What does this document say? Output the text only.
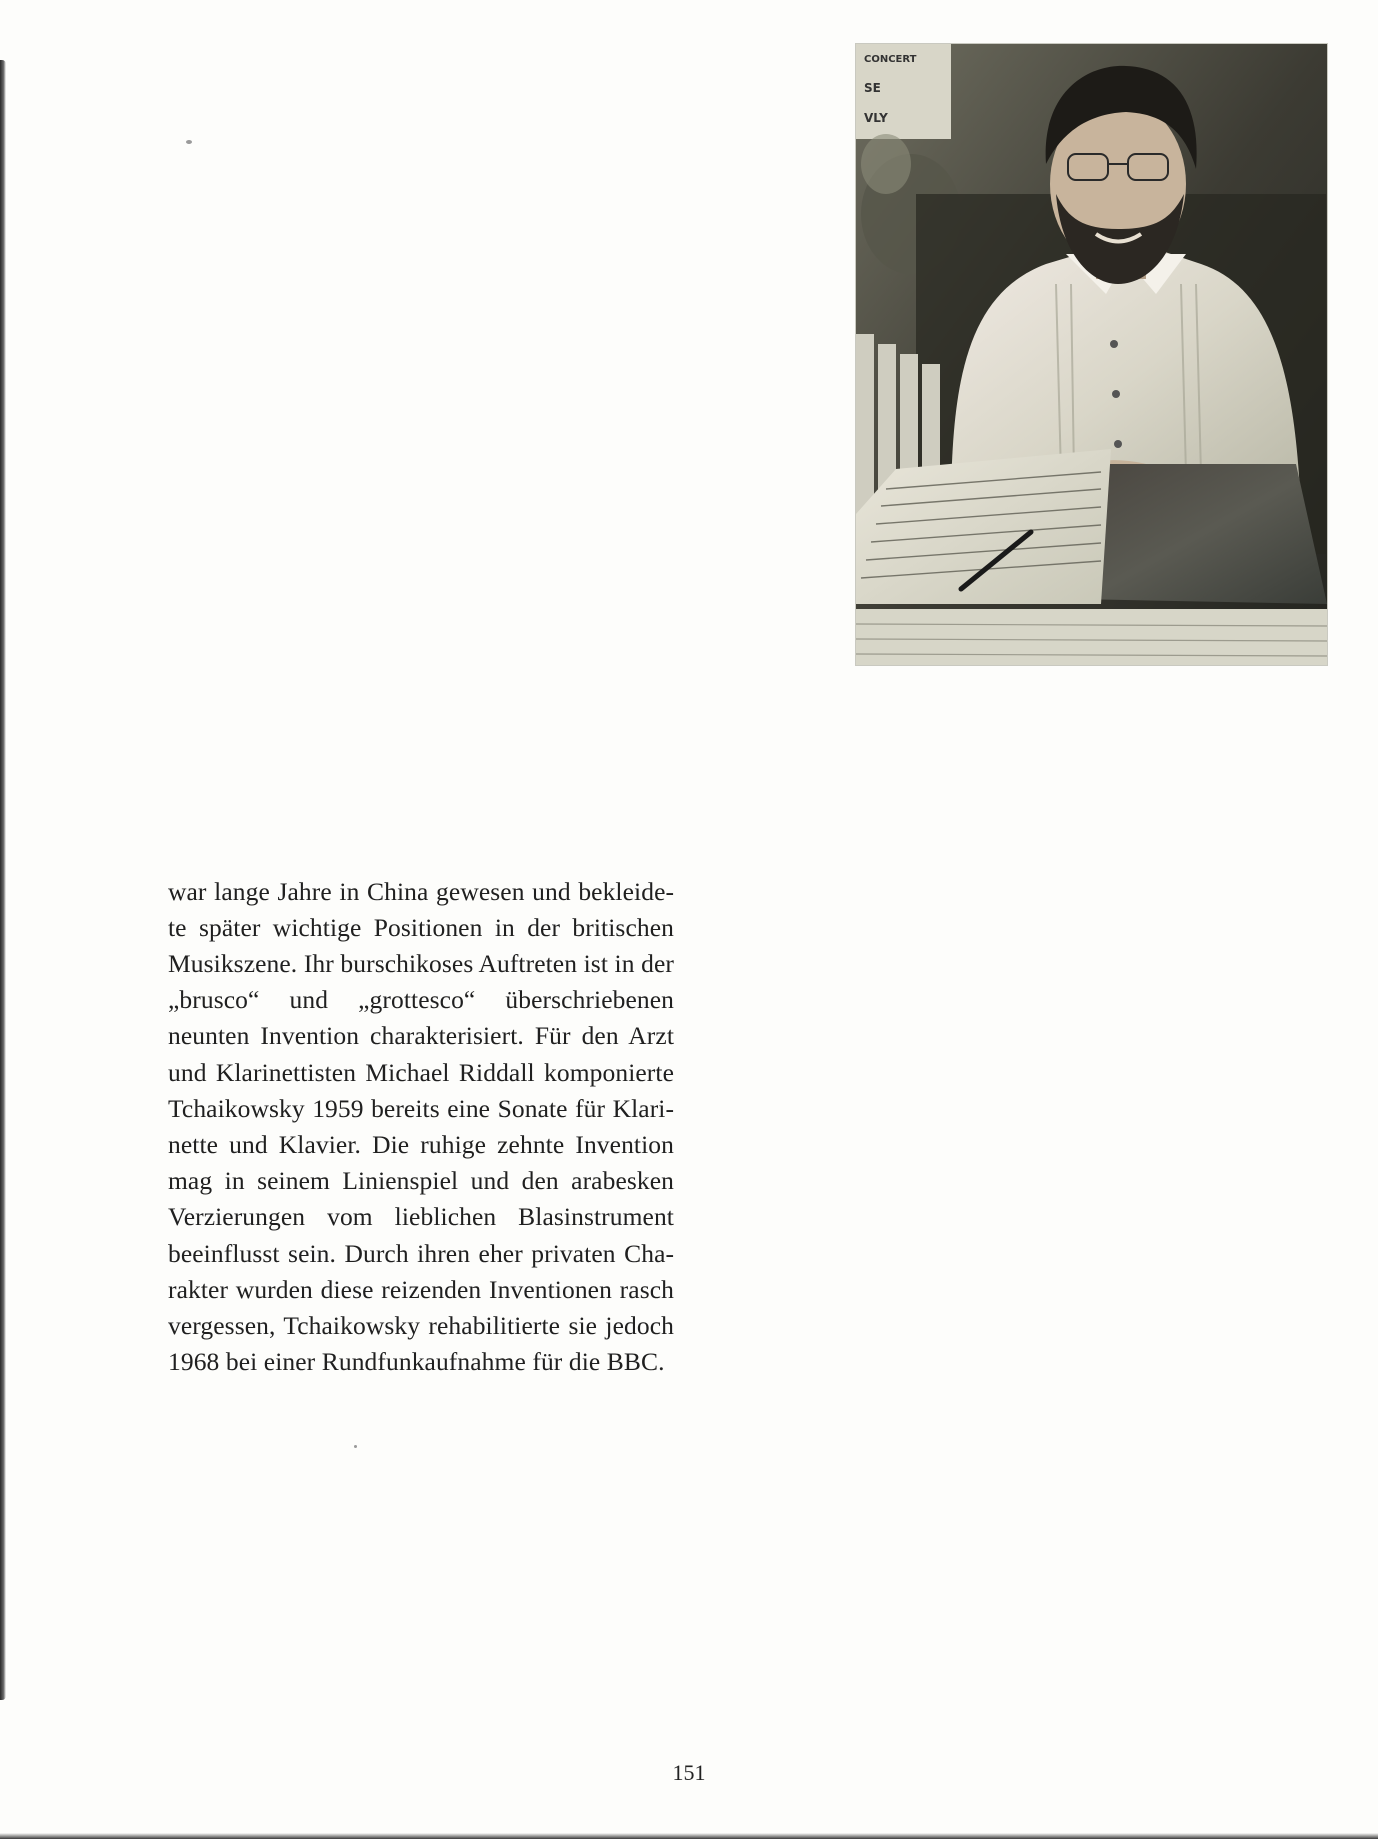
CONCERT
SE
VLY

war lange Jahre in China gewesen und bekleidete später wichtige Positionen in der britischen Musikszene. Ihr burschikoses Auftreten ist in der „brusco“ und „grottesco“ überschriebenen neunten Invention charakterisiert. Für den Arzt und Klarinettisten Michael Riddall komponierte Tchaikowsky 1959 bereits eine Sonate für Klarinette und Klavier. Die ruhige zehnte Invention mag in seinem Linienspiel und den arabesken Verzierungen vom lieblichen Blasinstrument beeinflusst sein. Durch ihren eher privaten Charakter wurden diese reizenden Inventionen rasch vergessen, Tchaikowsky rehabilitierte sie jedoch 1968 bei einer Rundfunkaufnahme für die BBC.

151
